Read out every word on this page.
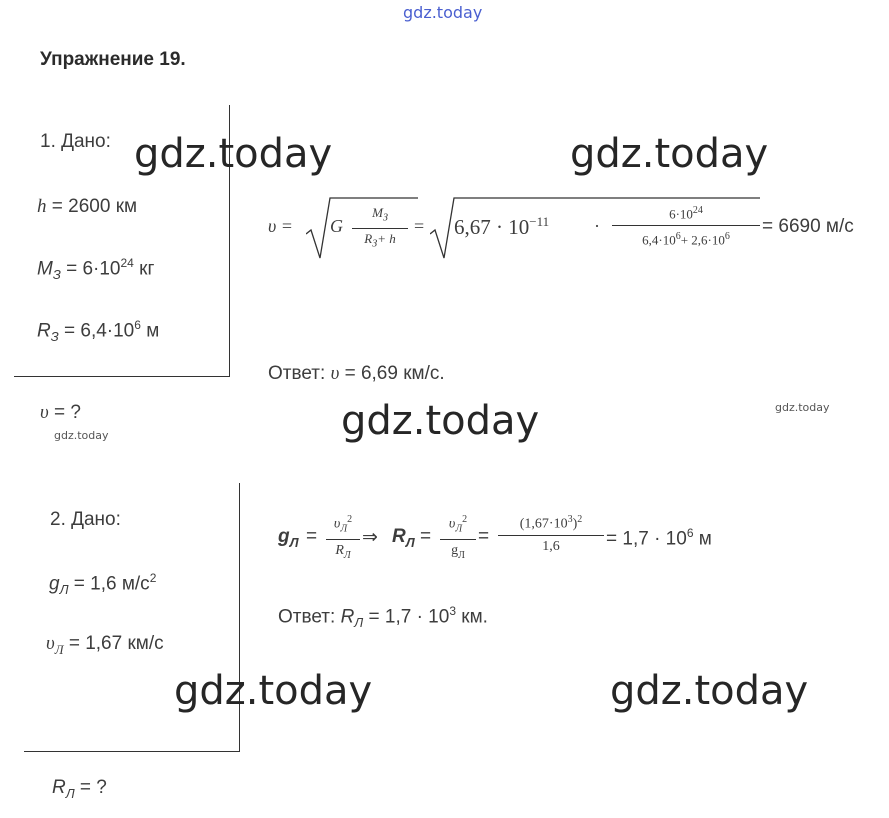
gdz.today
Упражнение 19.
1. Дано:
h = 2600 км
$M_З = 6\cdot 10^{24}$ кг
$R_З = 6,4\cdot 10^6$ м
υ = ?
υ = G
$M_З$
$R_З+ h$
= $6,67 \cdot 10^{-11} \cdot \frac{6\cdot 10^{24}}{6,4\cdot 10^6+ 2,6\cdot 10^6} = 6690$ м/с
Ответ: υ = 6,69 км/с.
2. Дано:
$g_Л = 1,6$ $м/с^2$
$\upsilon_Л = 1,67$ км/с
$R_Л$ = ?
$g_Л$ =
$\upsilon_Л^2$
$R_Л$
⇒ $R_Л$ =
$\upsilon_Л^2$
$g_Л$
= $\frac{(1,67\cdot 10^3)^2}{1,6} = 1,7 \cdot 10^6$ м
Ответ: $R_Л = 1,7 \cdot 10^3$ км.
gdz.today	gdz.today
gdz.today
gdz.today	gdz.today
gdz.today
gdz.today
